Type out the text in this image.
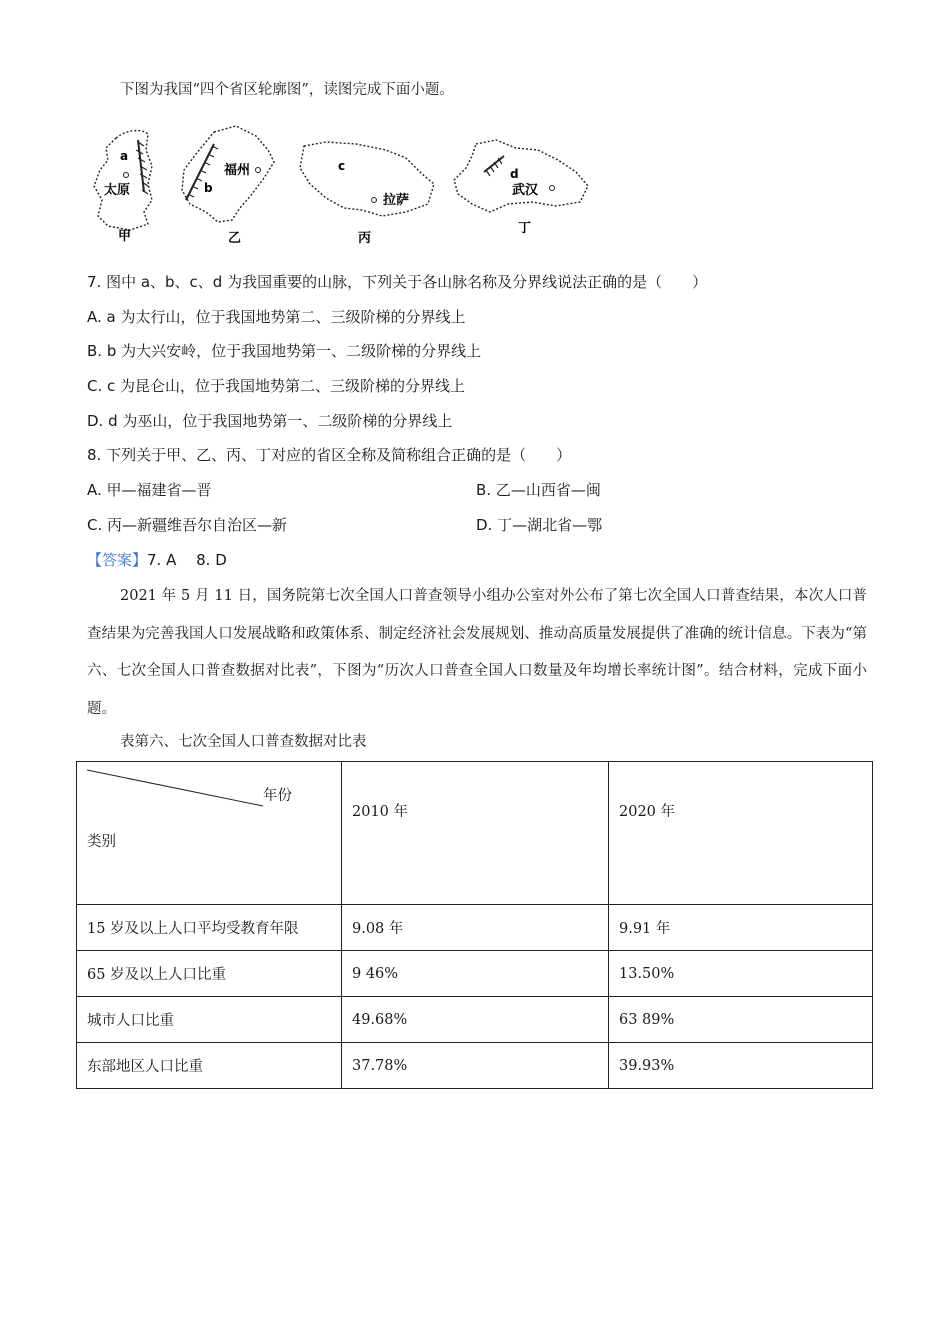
下图为我国“四个省区轮廓图”，读图完成下面小题。
a
太原
甲
b
福州
乙
c
拉萨
丙
d
武汉
丁
7. 图中 a、b、c、d 为我国重要的山脉，下列关于各山脉名称及分界线说法正确的是（　　）
A. a 为太行山，位于我国地势第二、三级阶梯的分界线上
B. b 为大兴安岭，位于我国地势第一、二级阶梯的分界线上
C. c 为昆仑山，位于我国地势第二、三级阶梯的分界线上
D. d 为巫山，位于我国地势第一、二级阶梯的分界线上
8. 下列关于甲、乙、丙、丁对应的省区全称及简称组合正确的是（　　）
A. 甲—福建省—晋	B. 乙—山西省—闽
C. 丙—新疆维吾尔自治区—新	D. 丁—湖北省—鄂
【答案】7. A　 8. D
2021 年 5 月 11 日，国务院第七次全国人口普查领导小组办公室对外公布了第七次全国人口普查结果，本次人口普查结果为完善我国人口发展战略和政策体系、制定经济社会发展规划、推动高质量发展提供了准确的统计信息。下表为“第六、七次全国人口普查数据对比表”，下图为“历次人口普查全国人口数量及年均增长率统计图”。结合材料，完成下面小题。
表第六、七次全国人口普查数据对比表
年份
类别	2010 年	2020 年
15 岁及以上人口平均受教育年限	9.08 年	9.91 年
65 岁及以上人口比重	9 46%	13.50%
城市人口比重	49.68%	63 89%
东部地区人口比重	37.78%	39.93%
